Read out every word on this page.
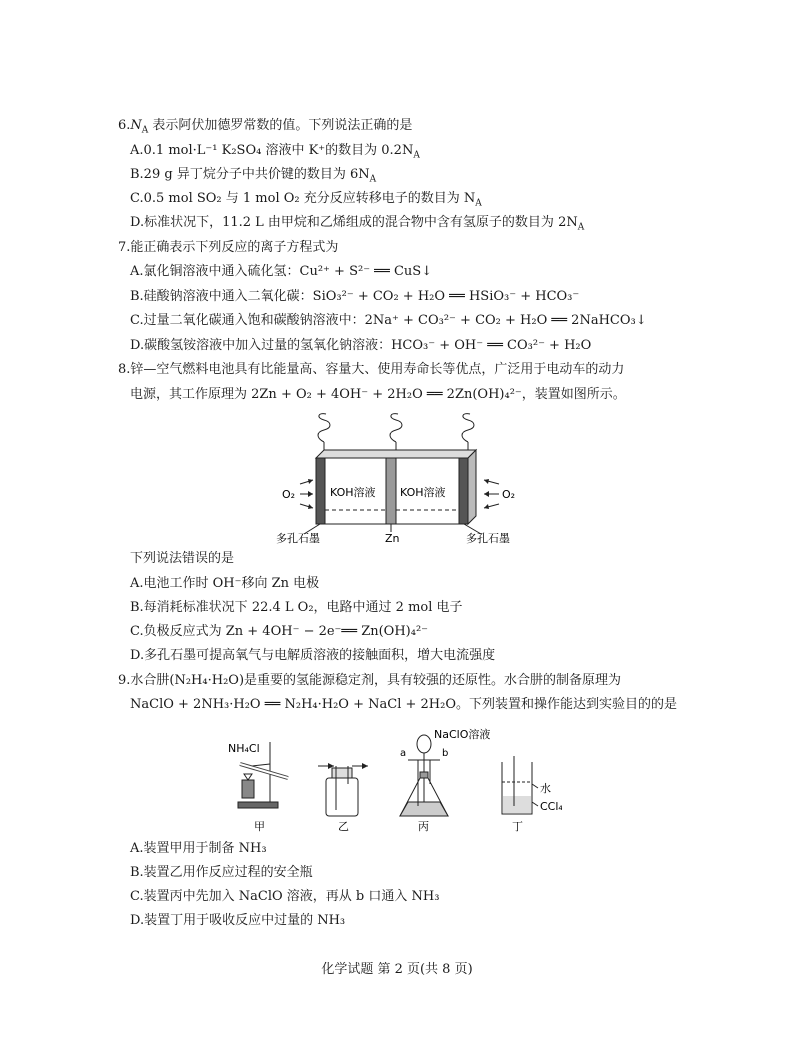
$6.N_A$ 表示阿伏加德罗常数的值。下列说法正确的是
A.0.1 mol·L⁻¹ K₂SO₄ 溶液中 K⁺的数目为 $0.2N_A$
B.29 g 异丁烷分子中共价键的数目为 $6N_A$
C.0.5 mol SO₂ 与 1 mol O₂ 充分反应转移电子的数目为 $N_A$
D.标准状况下，11.2 L 由甲烷和乙烯组成的混合物中含有氢原子的数目为 $2N_A$
7.能正确表示下列反应的离子方程式为
A.氯化铜溶液中通入硫化氢：Cu²⁺ + S²⁻ ══ CuS↓
B.硅酸钠溶液中通入二氧化碳：SiO₃²⁻ + CO₂ + H₂O ══ HSiO₃⁻ + HCO₃⁻
C.过量二氧化碳通入饱和碳酸钠溶液中：2Na⁺ + CO₃²⁻ + CO₂ + H₂O ══ 2NaHCO₃↓
D.碳酸氢铵溶液中加入过量的氢氧化钠溶液：HCO₃⁻ + OH⁻ ══ CO₃²⁻ + H₂O
8.锌—空气燃料电池具有比能量高、容量大、使用寿命长等优点，广泛用于电动车的动力
电源，其工作原理为 2Zn + O₂ + 4OH⁻ + 2H₂O ══ 2Zn(OH)₄²⁻，装置如图所示。
KOH溶液 KOH溶液
O₂	O₂
多孔石墨	Zn	多孔石墨
下列说法错误的是
A.电池工作时 OH⁻移向 Zn 电极
B.每消耗标准状况下 22.4 L O₂，电路中通过 2 mol 电子
C.负极反应式为 Zn + 4OH⁻ − 2e⁻══ Zn(OH)₄²⁻
D.多孔石墨可提高氧气与电解质溶液的接触面积，增大电流强度
9.水合肼(N₂H₄·H₂O)是重要的氢能源稳定剂，具有较强的还原性。水合肼的制备原理为
NaClO + 2NH₃·H₂O ══ N₂H₄·H₂O + NaCl + 2H₂O。下列装置和操作能达到实验目的的是
NH₄Cl
NaClO溶液
a	b
水
CCl₄
甲	乙	丙	丁
A.装置甲用于制备 NH₃
B.装置乙用作反应过程的安全瓶
C.装置丙中先加入 NaClO 溶液，再从 b 口通入 NH₃
D.装置丁用于吸收反应中过量的 NH₃
化学试题 第 2 页(共 8 页)
